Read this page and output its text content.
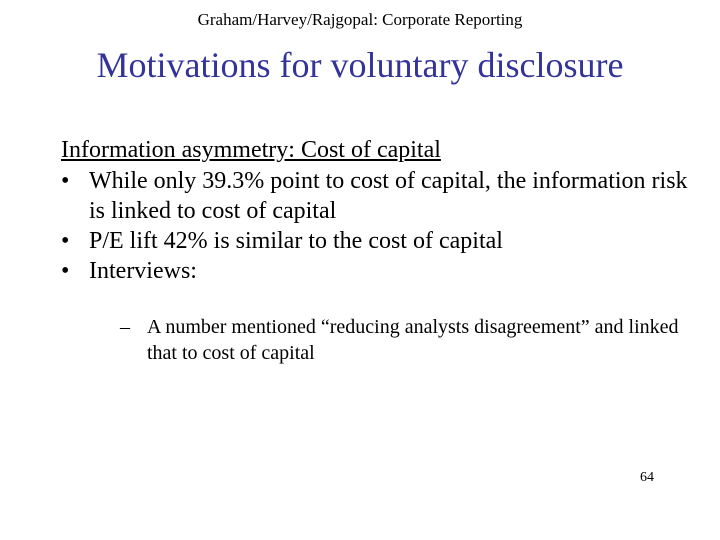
Graham/Harvey/Rajgopal: Corporate Reporting
Motivations for voluntary disclosure
Information asymmetry: Cost of capital
• While only 39.3% point to cost of capital, the information risk is linked to cost of capital
• P/E lift 42% is similar to the cost of capital
• Interviews:
– A number mentioned “reducing analysts disagreement” and linked that to cost of capital
64
